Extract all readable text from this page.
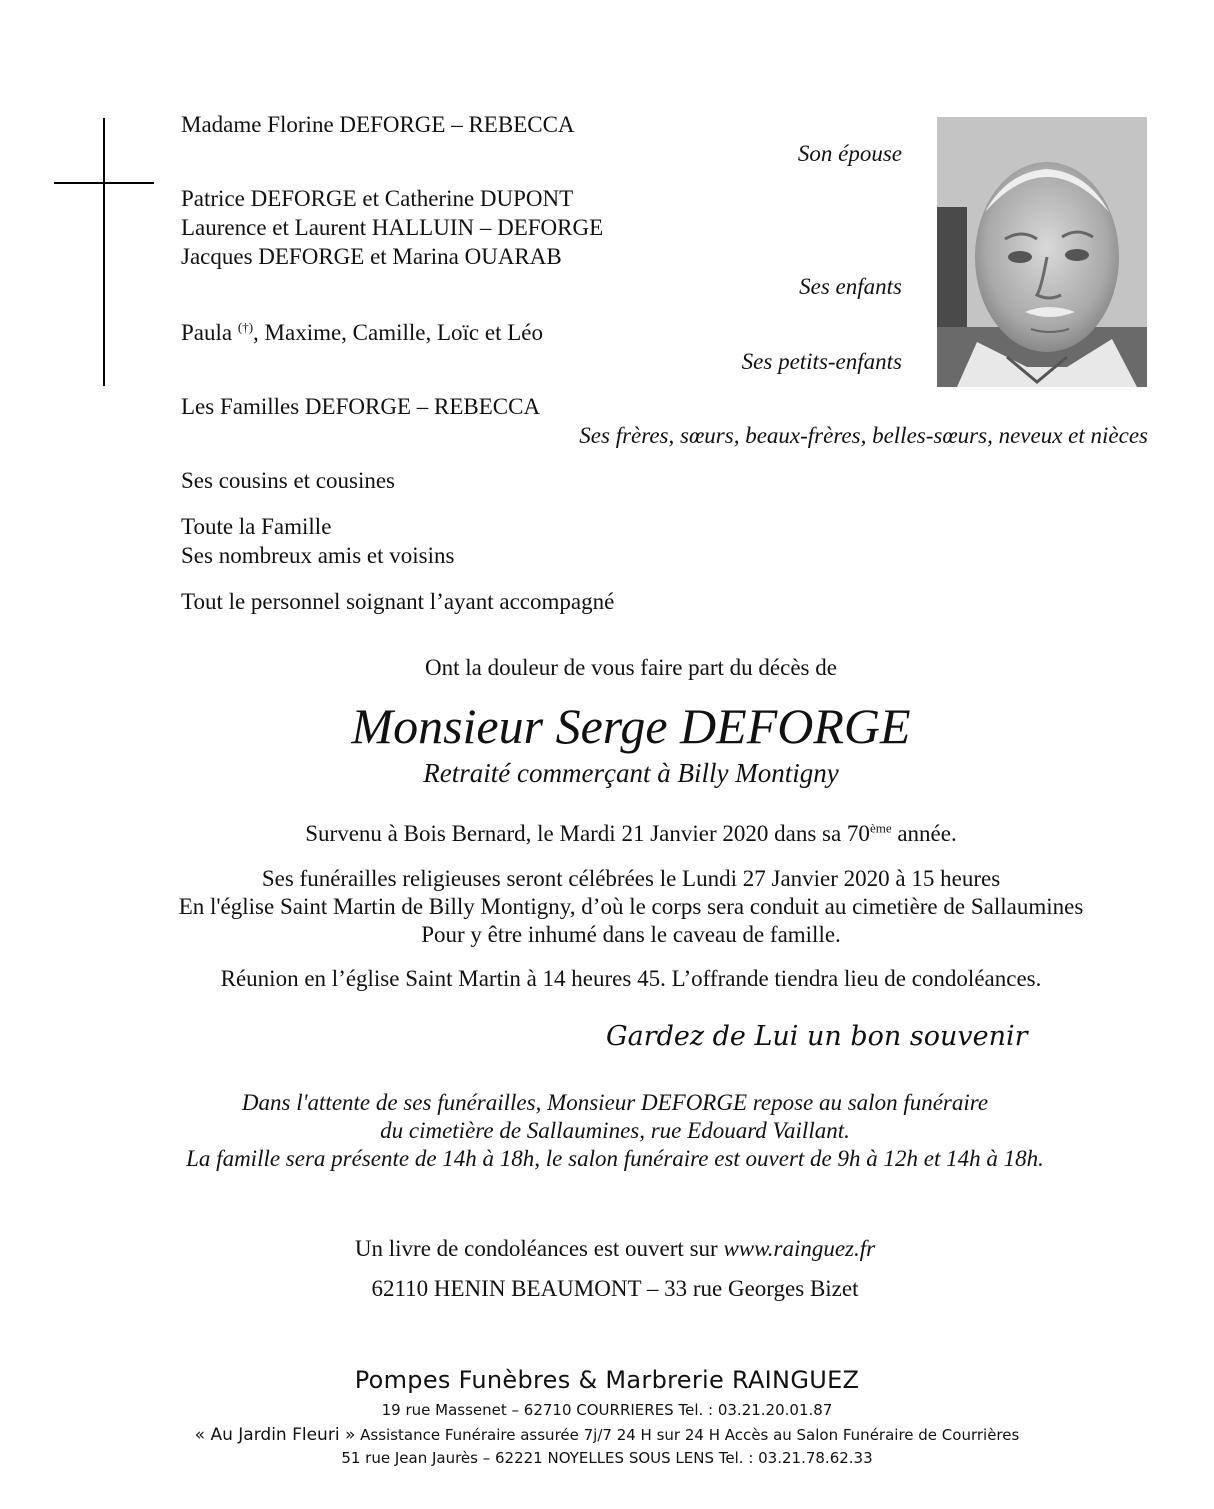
Madame Florine DEFORGE – REBECCA
Son épouse
Patrice DEFORGE et Catherine DUPONT
Laurence et Laurent HALLUIN – DEFORGE
Jacques DEFORGE et Marina OUARAB
Ses enfants
Paula (†), Maxime, Camille, Loïc et Léo
Ses petits-enfants
Les Familles DEFORGE – REBECCA
Ses frères, sœurs, beaux-frères, belles-sœurs, neveux et nièces
Ses cousins et cousines
Toute la Famille
Ses nombreux amis et voisins
Tout le personnel soignant l’ayant accompagné
Ont la douleur de vous faire part du décès de
Monsieur Serge DEFORGE
Retraité commerçant à Billy Montigny
Survenu à Bois Bernard, le Mardi 21 Janvier 2020 dans sa 70ème année.
Ses funérailles religieuses seront célébrées le Lundi 27 Janvier 2020 à 15 heures
En l'église Saint Martin de Billy Montigny, d’où le corps sera conduit au cimetière de Sallaumines
Pour y être inhumé dans le caveau de famille.
Réunion en l’église Saint Martin à 14 heures 45. L’offrande tiendra lieu de condoléances.
Gardez de Lui un bon souvenir
Dans l'attente de ses funérailles, Monsieur DEFORGE repose au salon funéraire
du cimetière de Sallaumines, rue Edouard Vaillant.
La famille sera présente de 14h à 18h, le salon funéraire est ouvert de 9h à 12h et 14h à 18h.
Un livre de condoléances est ouvert sur www.rainguez.fr
62110 HENIN BEAUMONT – 33 rue Georges Bizet
Pompes Funèbres & Marbrerie RAINGUEZ
19 rue Massenet – 62710 COURRIERES Tel. : 03.21.20.01.87
« Au Jardin Fleuri » Assistance Funéraire assurée 7j/7 24 H sur 24 H Accès au Salon Funéraire de Courrières
51 rue Jean Jaurès – 62221 NOYELLES SOUS LENS Tel. : 03.21.78.62.33
